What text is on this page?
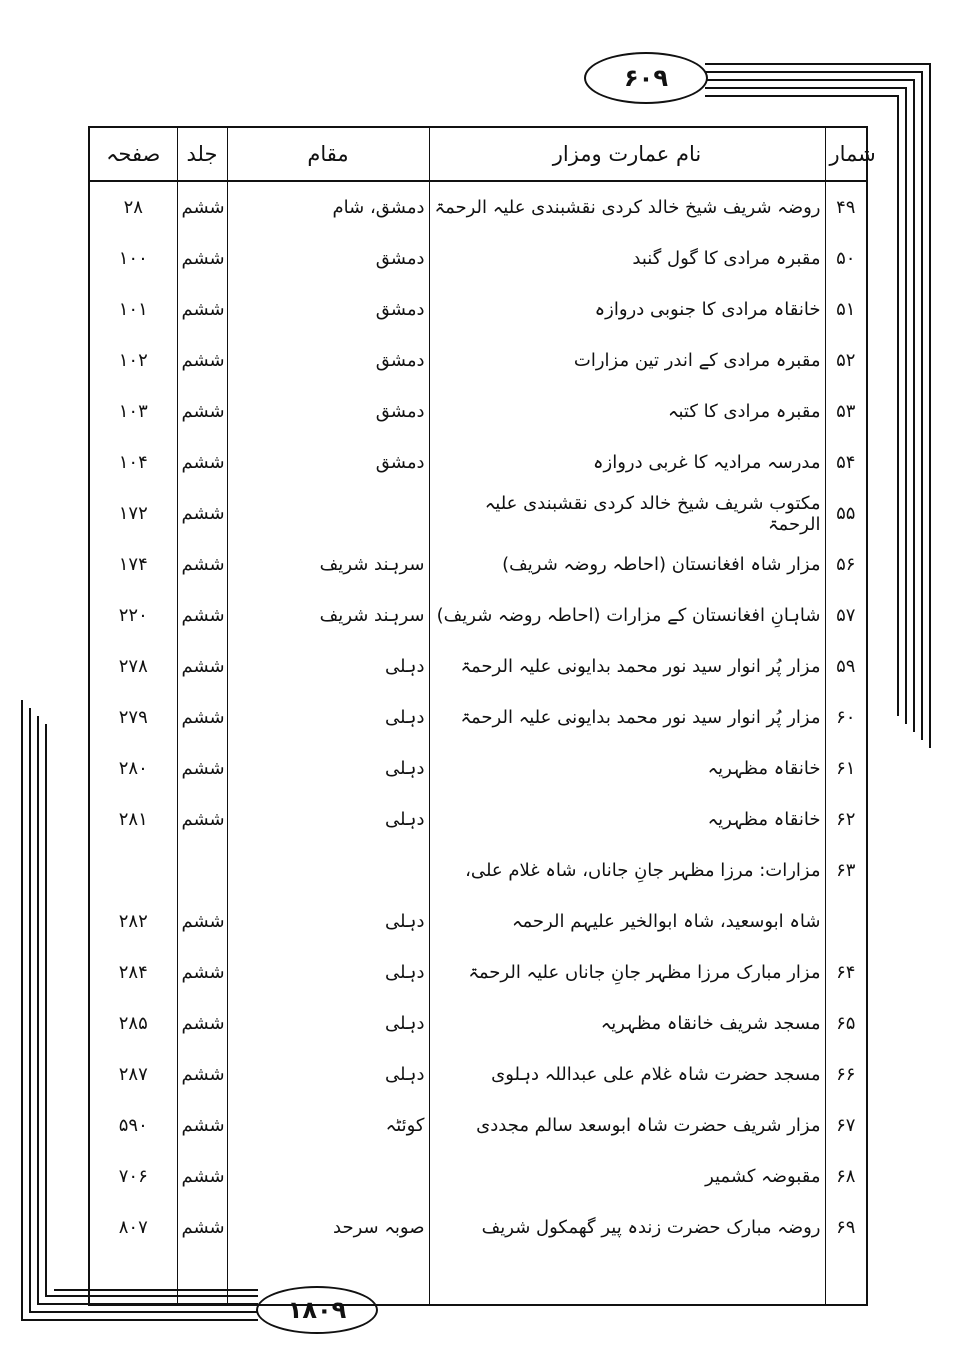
۶۰۹
۱۸۰۹
صفحہ	جلد	مقام	نام عمارت ومزار	شمار
۲۸	ششم	دمشق، شام	روضہ شریف شیخ خالد کردی نقشبندی علیہ الرحمۃ	۴۹
۱۰۰	ششم	دمشق	مقبرہ مرادی کا گول گنبد	۵۰
۱۰۱	ششم	دمشق	خانقاہ مرادی کا جنوبی دروازہ	۵۱
۱۰۲	ششم	دمشق	مقبرہ مرادی کے اندر تین مزارات	۵۲
۱۰۳	ششم	دمشق	مقبرہ مرادی کا کتبہ	۵۳
۱۰۴	ششم	دمشق	مدرسہ مرادیہ کا غربی دروازہ	۵۴
۱۷۲	ششم		مکتوب شریف شیخ خالد کردی نقشبندی علیہ الرحمۃ	۵۵
۱۷۴	ششم	سرہند شریف	مزار شاہ افغانستان (احاطہ روضہ شریف)	۵۶
۲۲۰	ششم	سرہند شریف	شاہانِ افغانستان کے مزارات (احاطہ روضہ شریف)	۵۷
۲۷۸	ششم	دہلی	مزار پُر انوار سید نور محمد بدایونی علیہ الرحمۃ	۵۹
۲۷۹	ششم	دہلی	مزار پُر انوار سید نور محمد بدایونی علیہ الرحمۃ	۶۰
۲۸۰	ششم	دہلی	خانقاہ مظہریہ	۶۱
۲۸۱	ششم	دہلی	خانقاہ مظہریہ	۶۲
			مزارات: مرزا مظہر جانِ جاناں، شاہ غلام علی،	۶۳
۲۸۲	ششم	دہلی	شاہ ابوسعید، شاہ ابوالخیر علیہم الرحمہ	
۲۸۴	ششم	دہلی	مزار مبارک مرزا مظہر جانِ جاناں علیہ الرحمۃ	۶۴
۲۸۵	ششم	دہلی	مسجد شریف خانقاہ مظہریہ	۶۵
۲۸۷	ششم	دہلی	مسجد حضرت شاہ غلام علی عبداللہ دہلوی	۶۶
۵۹۰	ششم	کوئٹہ	مزار شریف حضرت شاہ ابوسعد سالم مجددی	۶۷
۷۰۶	ششم		مقبوضہ کشمیر	۶۸
۸۰۷	ششم	صوبہ سرحد	روضہ مبارک حضرت زندہ پیر گھمکول شریف	۶۹
